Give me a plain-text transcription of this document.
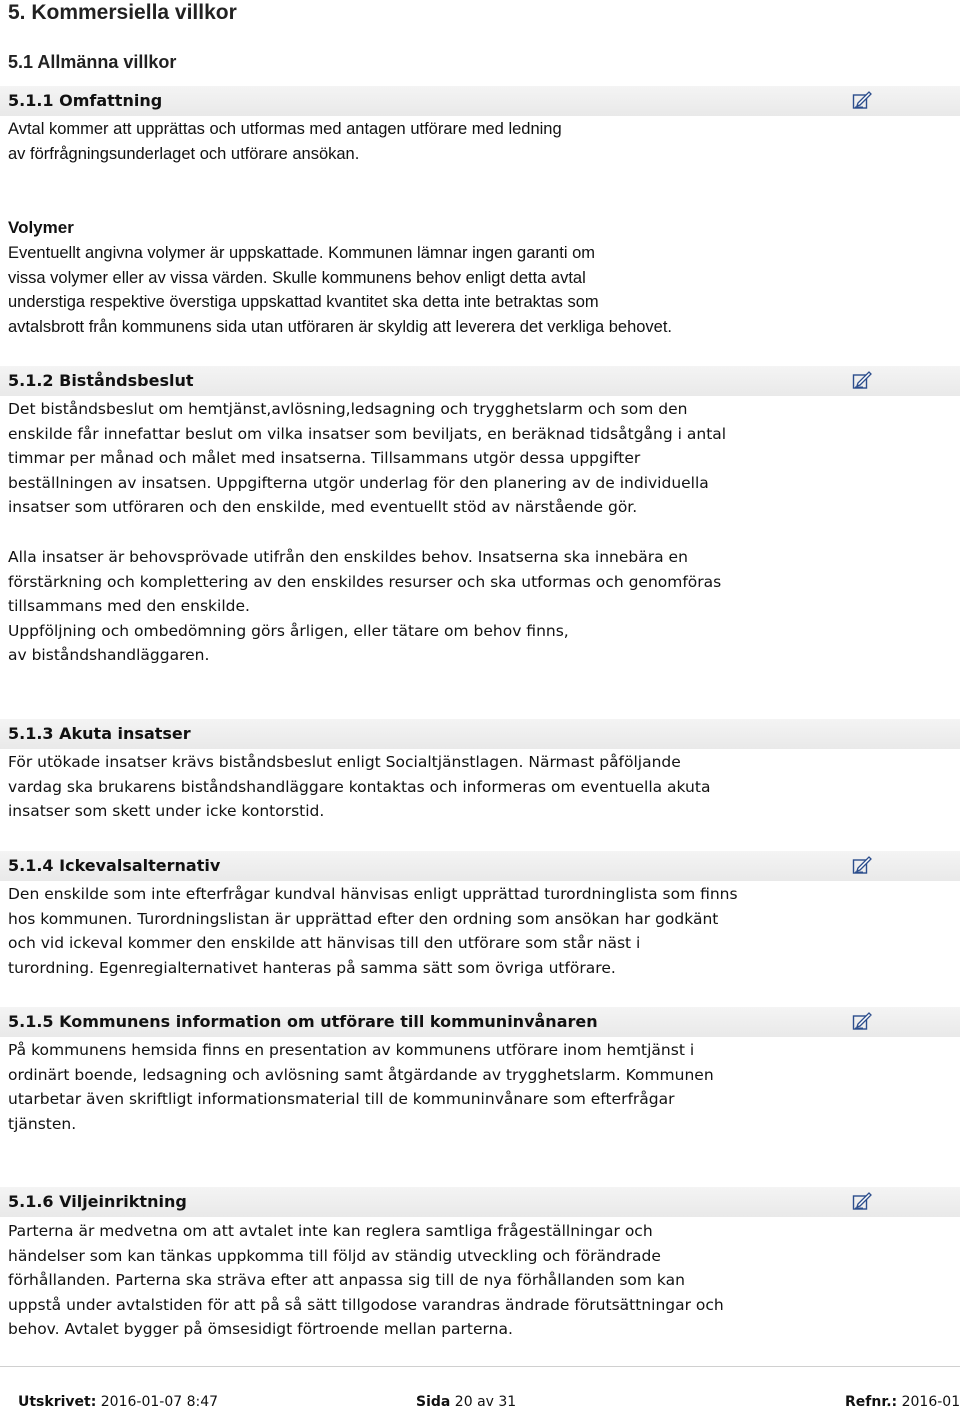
5. Kommersiella villkor
5.1 Allmänna villkor
5.1.1 Omfattning
Avtal kommer att upprättas och utformas med antagen utförare med ledning
av förfrågningsunderlaget och utförare ansökan.
Volymer
Eventuellt angivna volymer är uppskattade. Kommunen lämnar ingen garanti om
vissa volymer eller av vissa värden. Skulle kommunens behov enligt detta avtal
understiga respektive överstiga uppskattad kvantitet ska detta inte betraktas som
avtalsbrott från kommunens sida utan utföraren är skyldig att leverera det verkliga behovet.
5.1.2 Biståndsbeslut
Det biståndsbeslut om hemtjänst,avlösning,ledsagning och trygghetslarm och som den
enskilde får innefattar beslut om vilka insatser som beviljats, en beräknad tidsåtgång i antal
timmar per månad och målet med insatserna. Tillsammans utgör dessa uppgifter
beställningen av insatsen. Uppgifterna utgör underlag för den planering av de individuella
insatser som utföraren och den enskilde, med eventuellt stöd av närstående gör.
Alla insatser är behovsprövade utifrån den enskildes behov. Insatserna ska innebära en
förstärkning och komplettering av den enskildes resurser och ska utformas och genomföras
tillsammans med den enskilde.
Uppföljning och ombedömning görs årligen, eller tätare om behov finns,
av biståndshandläggaren.
5.1.3 Akuta insatser
För utökade insatser krävs biståndsbeslut enligt Socialtjänstlagen. Närmast påföljande
vardag ska brukarens biståndshandläggare kontaktas och informeras om eventuella akuta
insatser som skett under icke kontorstid.
5.1.4 Ickevalsalternativ
Den enskilde som inte efterfrågar kundval hänvisas enligt upprättad turordninglista som finns
hos kommunen. Turordningslistan är upprättad efter den ordning som ansökan har godkänt
och vid ickeval kommer den enskilde att hänvisas till den utförare som står näst i
turordning. Egenregialternativet hanteras på samma sätt som övriga utförare.
5.1.5 Kommunens information om utförare till kommuninvånaren
På kommunens hemsida finns en presentation av kommunens utförare inom hemtjänst i
ordinärt boende, ledsagning och avlösning samt åtgärdande av trygghetslarm. Kommunen
utarbetar även skriftligt informationsmaterial till de kommuninvånare som efterfrågar
tjänsten.
5.1.6 Viljeinriktning
Parterna är medvetna om att avtalet inte kan reglera samtliga frågeställningar och
händelser som kan tänkas uppkomma till följd av ständig utveckling och förändrade
förhållanden. Parterna ska sträva efter att anpassa sig till de nya förhållanden som kan
uppstå under avtalstiden för att på så sätt tillgodose varandras ändrade förutsättningar och
behov. Avtalet bygger på ömsesidigt förtroende mellan parterna.
Utskrivet: 2016-01-07 8:47	Sida 20 av 31	Refnr.: 2016-01
